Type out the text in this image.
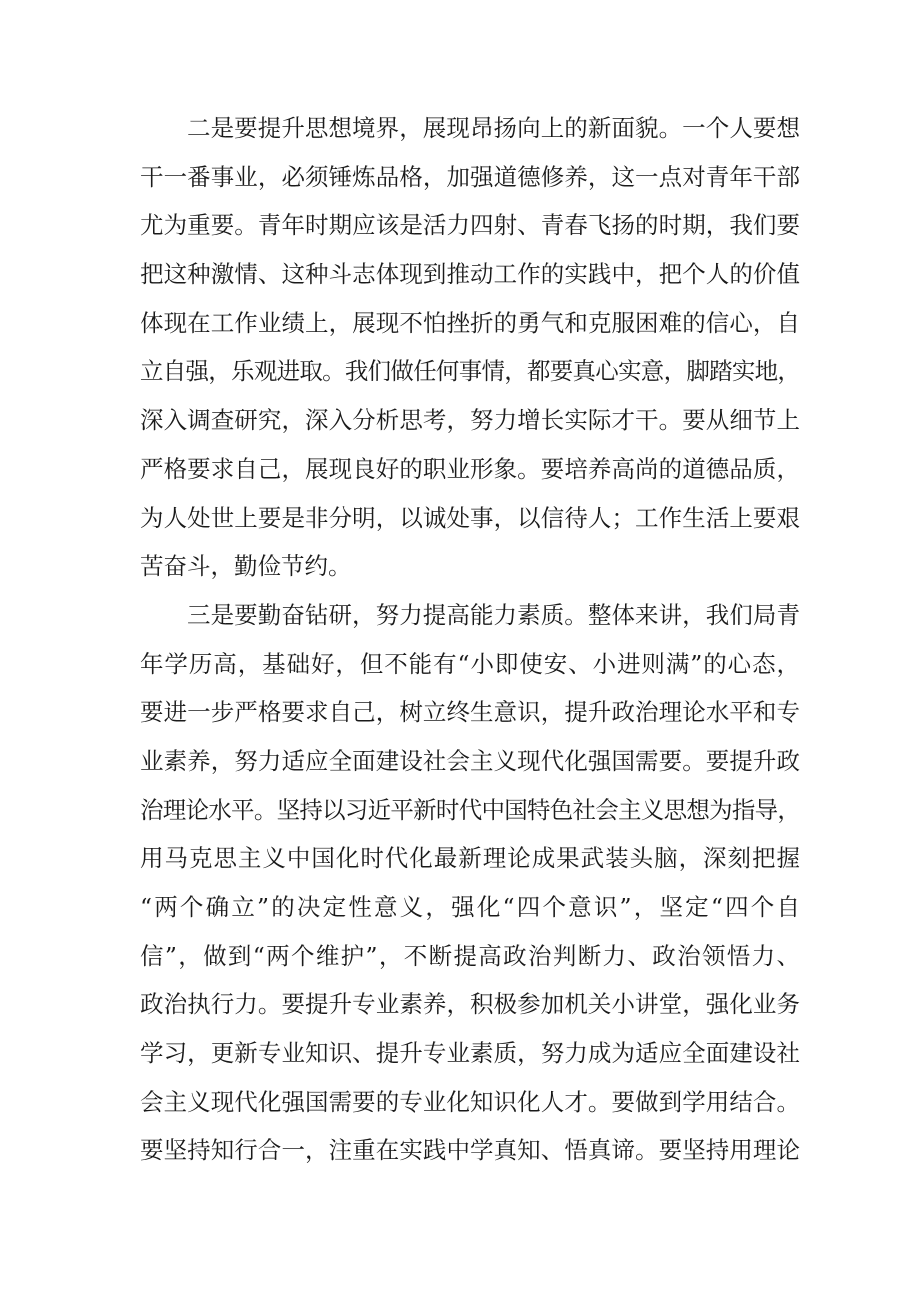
二是要提升思想境界，展现昂扬向上的新面貌。一个人要想
干一番事业，必须锤炼品格，加强道德修养，这一点对青年干部
尤为重要。青年时期应该是活力四射、青春飞扬的时期，我们要
把这种激情、这种斗志体现到推动工作的实践中，把个人的价值
体现在工作业绩上，展现不怕挫折的勇气和克服困难的信心，自
立自强，乐观进取。我们做任何事情，都要真心实意，脚踏实地，
深入调查研究，深入分析思考，努力增长实际才干。要从细节上
严格要求自己，展现良好的职业形象。要培养高尚的道德品质，
为人处世上要是非分明，以诚处事，以信待人；工作生活上要艰
苦奋斗，勤俭节约。
三是要勤奋钻研，努力提高能力素质。整体来讲，我们局青
年学历高，基础好，但不能有“小即使安、小进则满”的心态，
要进一步严格要求自己，树立终生意识，提升政治理论水平和专
业素养，努力适应全面建设社会主义现代化强国需要。要提升政
治理论水平。坚持以习近平新时代中国特色社会主义思想为指导，
用马克思主义中国化时代化最新理论成果武装头脑，深刻把握
“两个确立”的决定性意义，强化“四个意识”，坚定“四个自
信”，做到“两个维护”，不断提高政治判断力、政治领悟力、
政治执行力。要提升专业素养，积极参加机关小讲堂，强化业务
学习，更新专业知识、提升专业素质，努力成为适应全面建设社
会主义现代化强国需要的专业化知识化人才。要做到学用结合。
要坚持知行合一，注重在实践中学真知、悟真谛。要坚持用理论
